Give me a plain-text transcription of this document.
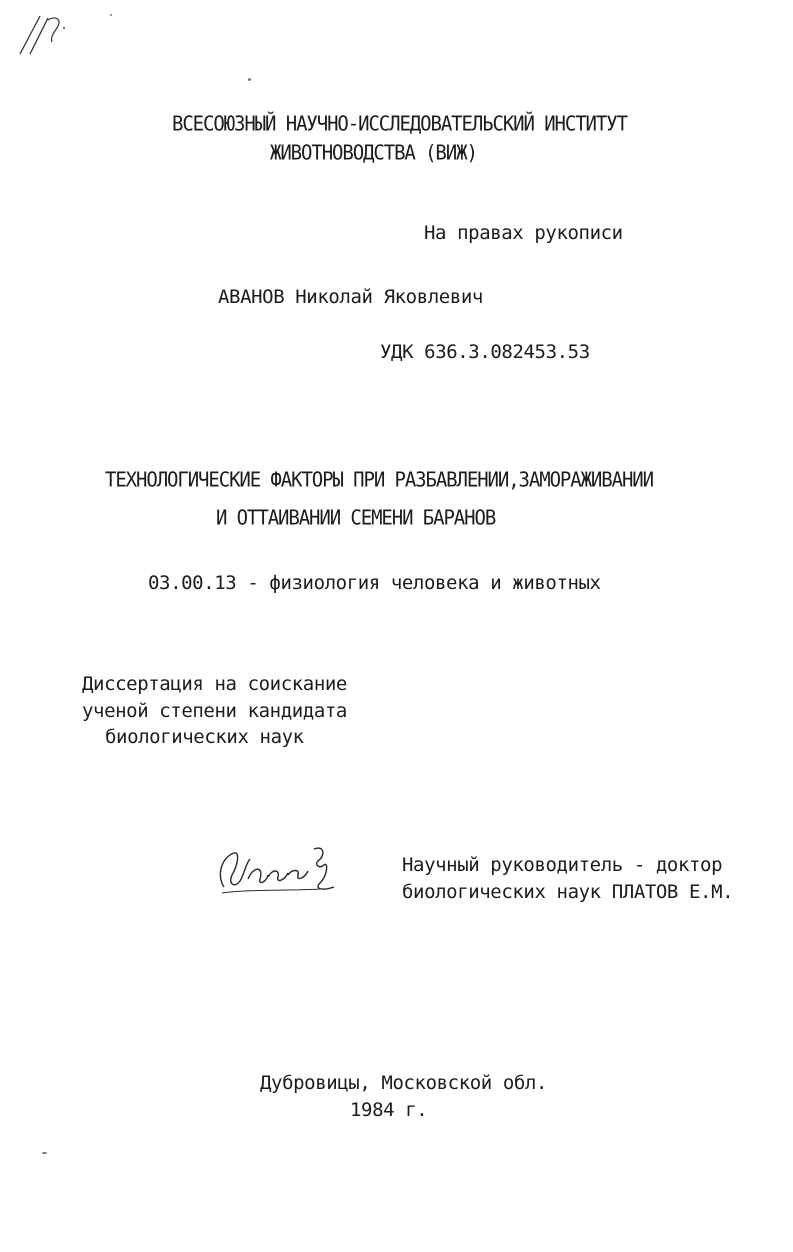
ВСЕСОЮЗНЫЙ НАУЧНО-ИССЛЕДОВАТЕЛЬСКИЙ ИНСТИТУТ
ЖИВОТНОВОДСТВА (ВИЖ)
На правах рукописи
АВАНОВ Николай Яковлевич
УДК 636.3.082453.53
ТЕХНОЛОГИЧЕСКИЕ ФАКТОРЫ ПРИ РАЗБАВЛЕНИИ,ЗАМОРАЖИВАНИИ
И ОТТАИВАНИИ СЕМЕНИ БАРАНОВ
03.00.13 - физиология человека и животных
Диссертация на соискание
ученой степени кандидата
биологических наук
Научный руководитель - доктор
биологических наук ПЛАТОВ Е.М.
Дубровицы, Московской обл.
1984 г.
